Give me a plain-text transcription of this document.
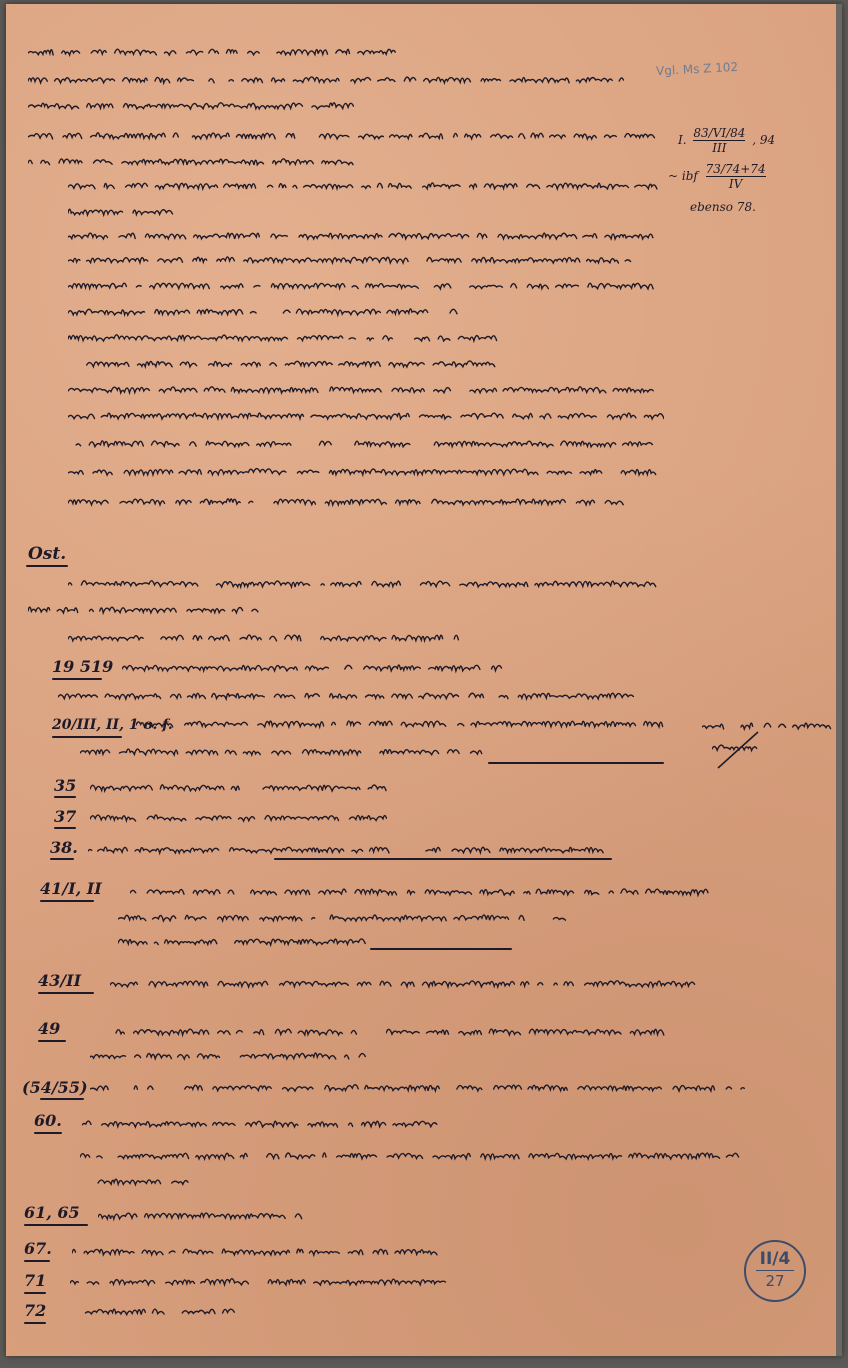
Vgl. Ms Z 102
I. 83/VI/84
III
, 94
~ ibf $\frac{73/74+74}{IV}$
ebenso 78.
Ost.
19 519
20/III, II, 1 o. f.
35
37
38.
41/I, II
43/II
49
(54/55)
60.
61, 65
67.
71
72
II/4
27
